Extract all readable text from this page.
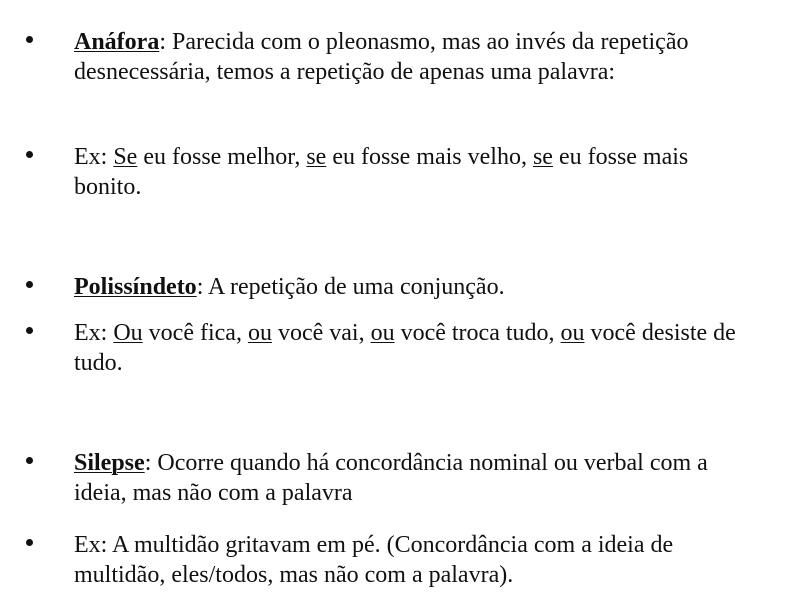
Anáfora: Parecida com o pleonasmo, mas ao invés da repetição desnecessária, temos a repetição de apenas uma palavra:
Ex: Se eu fosse melhor, se eu fosse mais velho, se eu fosse mais bonito.
Polissíndeto: A repetição de uma conjunção.
Ex: Ou você fica, ou você vai, ou você troca tudo, ou você desiste de tudo.
Silepse: Ocorre quando há concordância nominal ou verbal com a ideia, mas não com a palavra
Ex: A multidão gritavam em pé. (Concordância com a ideia de multidão, eles/todos, mas não com a palavra).
